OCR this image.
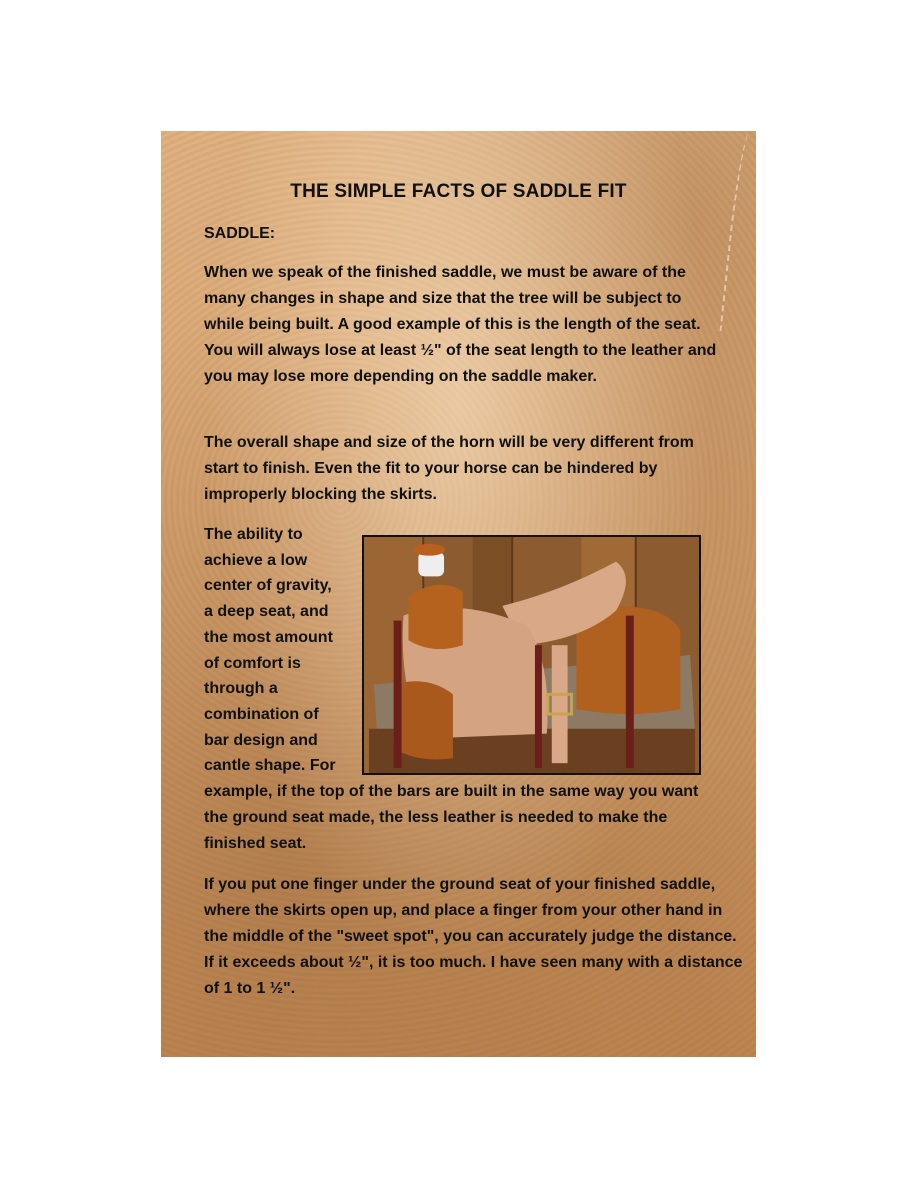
THE SIMPLE FACTS OF SADDLE FIT
SADDLE:

When we speak of the finished saddle, we must be aware of the many changes in shape and size that the tree will be subject to while being built. A good example of this is the length of the seat. You will always lose at least ½" of the seat length to the leather and you may lose more depending on the saddle maker.

The overall shape and size of the horn will be very different from start to finish. Even the fit to your horse can be hindered by improperly blocking the skirts.

The ability to
achieve a low
center of gravity,
a deep seat, and
the most amount
of comfort is
through a
combination of
bar design and
cantle shape. For

example, if the top of the bars are built in the same way you want the ground seat made, the less leather is needed to make the finished seat.

If you put one finger under the ground seat of your finished saddle, where the skirts open up, and place a finger from your other hand in the middle of the "sweet spot", you can accurately judge the distance. If it exceeds about ½", it is too much. I have seen many with a distance of 1 to 1 ½".
